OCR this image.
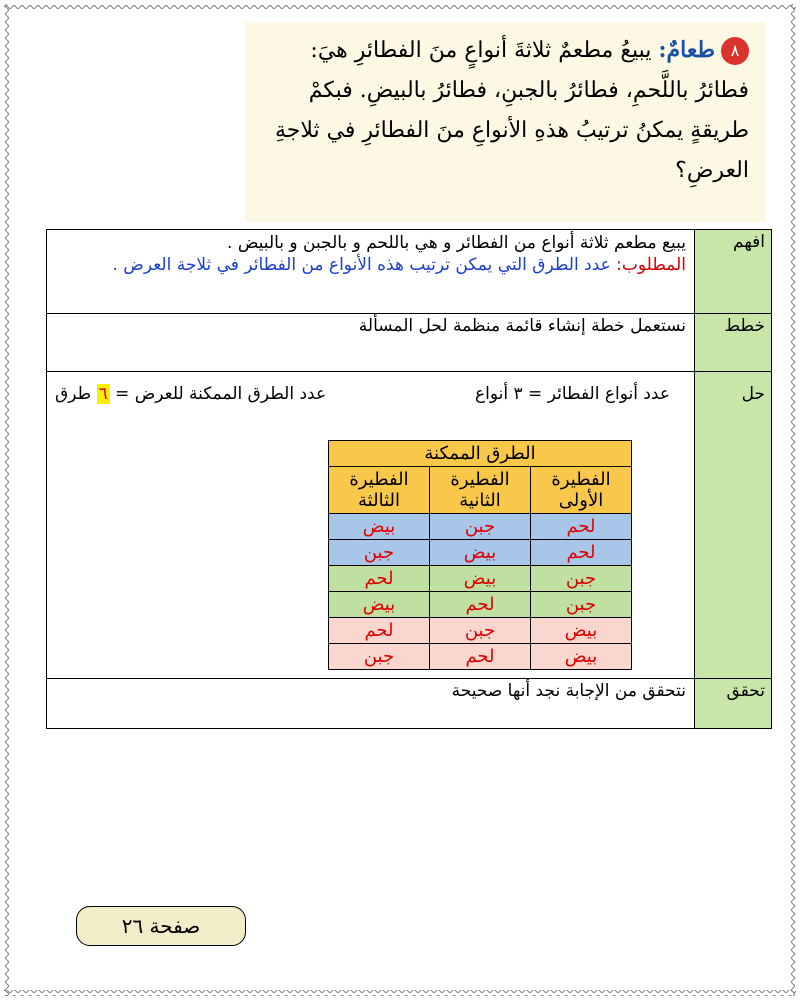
٨طعامٌ: يبيعُ مطعمٌ ثلاثةَ أنواعٍ منَ الفطائرِ هيَ: فطائرُ باللَّحمِ، فطائرُ بالجبنِ، فطائرُ بالبيضِ. فبكمْ طريقةٍ يمكنُ ترتيبُ هذهِ الأنواعِ منَ الفطائرِ في ثلاجةِ العرضِ؟
افهم	
يبيع مطعم ثلاثة أنواع من الفطائر و هي باللحم و بالجبن و بالبيض .
المطلوب: عدد الطرق التي يمكن ترتيب هذه الأنواع من الفطائر في ثلاجة العرض .

خطط	نستعمل خطة إنشاء قائمة منظمة لحل المسألة
حل	
عدد أنواع الفطائر = ٣ أنواع
عدد الطرق الممكنة للعرض = ٦ طرق
الطرق الممكنة
الفطيرة الأولى	الفطيرة الثانية	الفطيرة الثالثة
لحم	جبن	بيض
لحم	بيض	جبن
جبن	بيض	لحم
جبن	لحم	بيض
بيض	جبن	لحم
بيض	لحم	جبن

تحقق	نتحقق من الإجابة نجد أنها صحيحة
صفحة ٢٦
